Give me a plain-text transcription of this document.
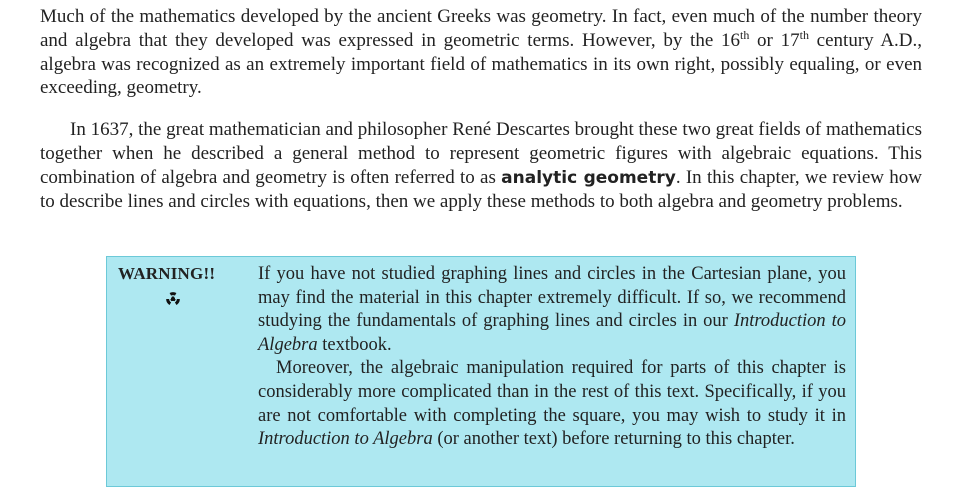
Much of the mathematics developed by the ancient Greeks was geometry. In fact, even much of the number theory and algebra that they developed was expressed in geometric terms. However, by the 16th or 17th century A.D., algebra was recognized as an extremely important field of mathematics in its own right, possibly equaling, or even exceeding, geometry.

In 1637, the great mathematician and philosopher René Descartes brought these two great fields of mathematics together when he described a general method to represent geometric figures with algebraic equations. This combination of algebra and geometry is often referred to as analytic geometry. In this chapter, we review how to describe lines and circles with equations, then we apply these methods to both algebra and geometry problems.

WARNING!! If you have not studied graphing lines and circles in the Cartesian plane, you may find the material in this chapter extremely difficult. If so, we recommend studying the fundamentals of graphing lines and circles in our Introduction to Algebra textbook.

Moreover, the algebraic manipulation required for parts of this chapter is considerably more complicated than in the rest of this text. Specifically, if you are not comfortable with completing the square, you may wish to study it in Introduction to Algebra (or another text) before returning to this chapter.
